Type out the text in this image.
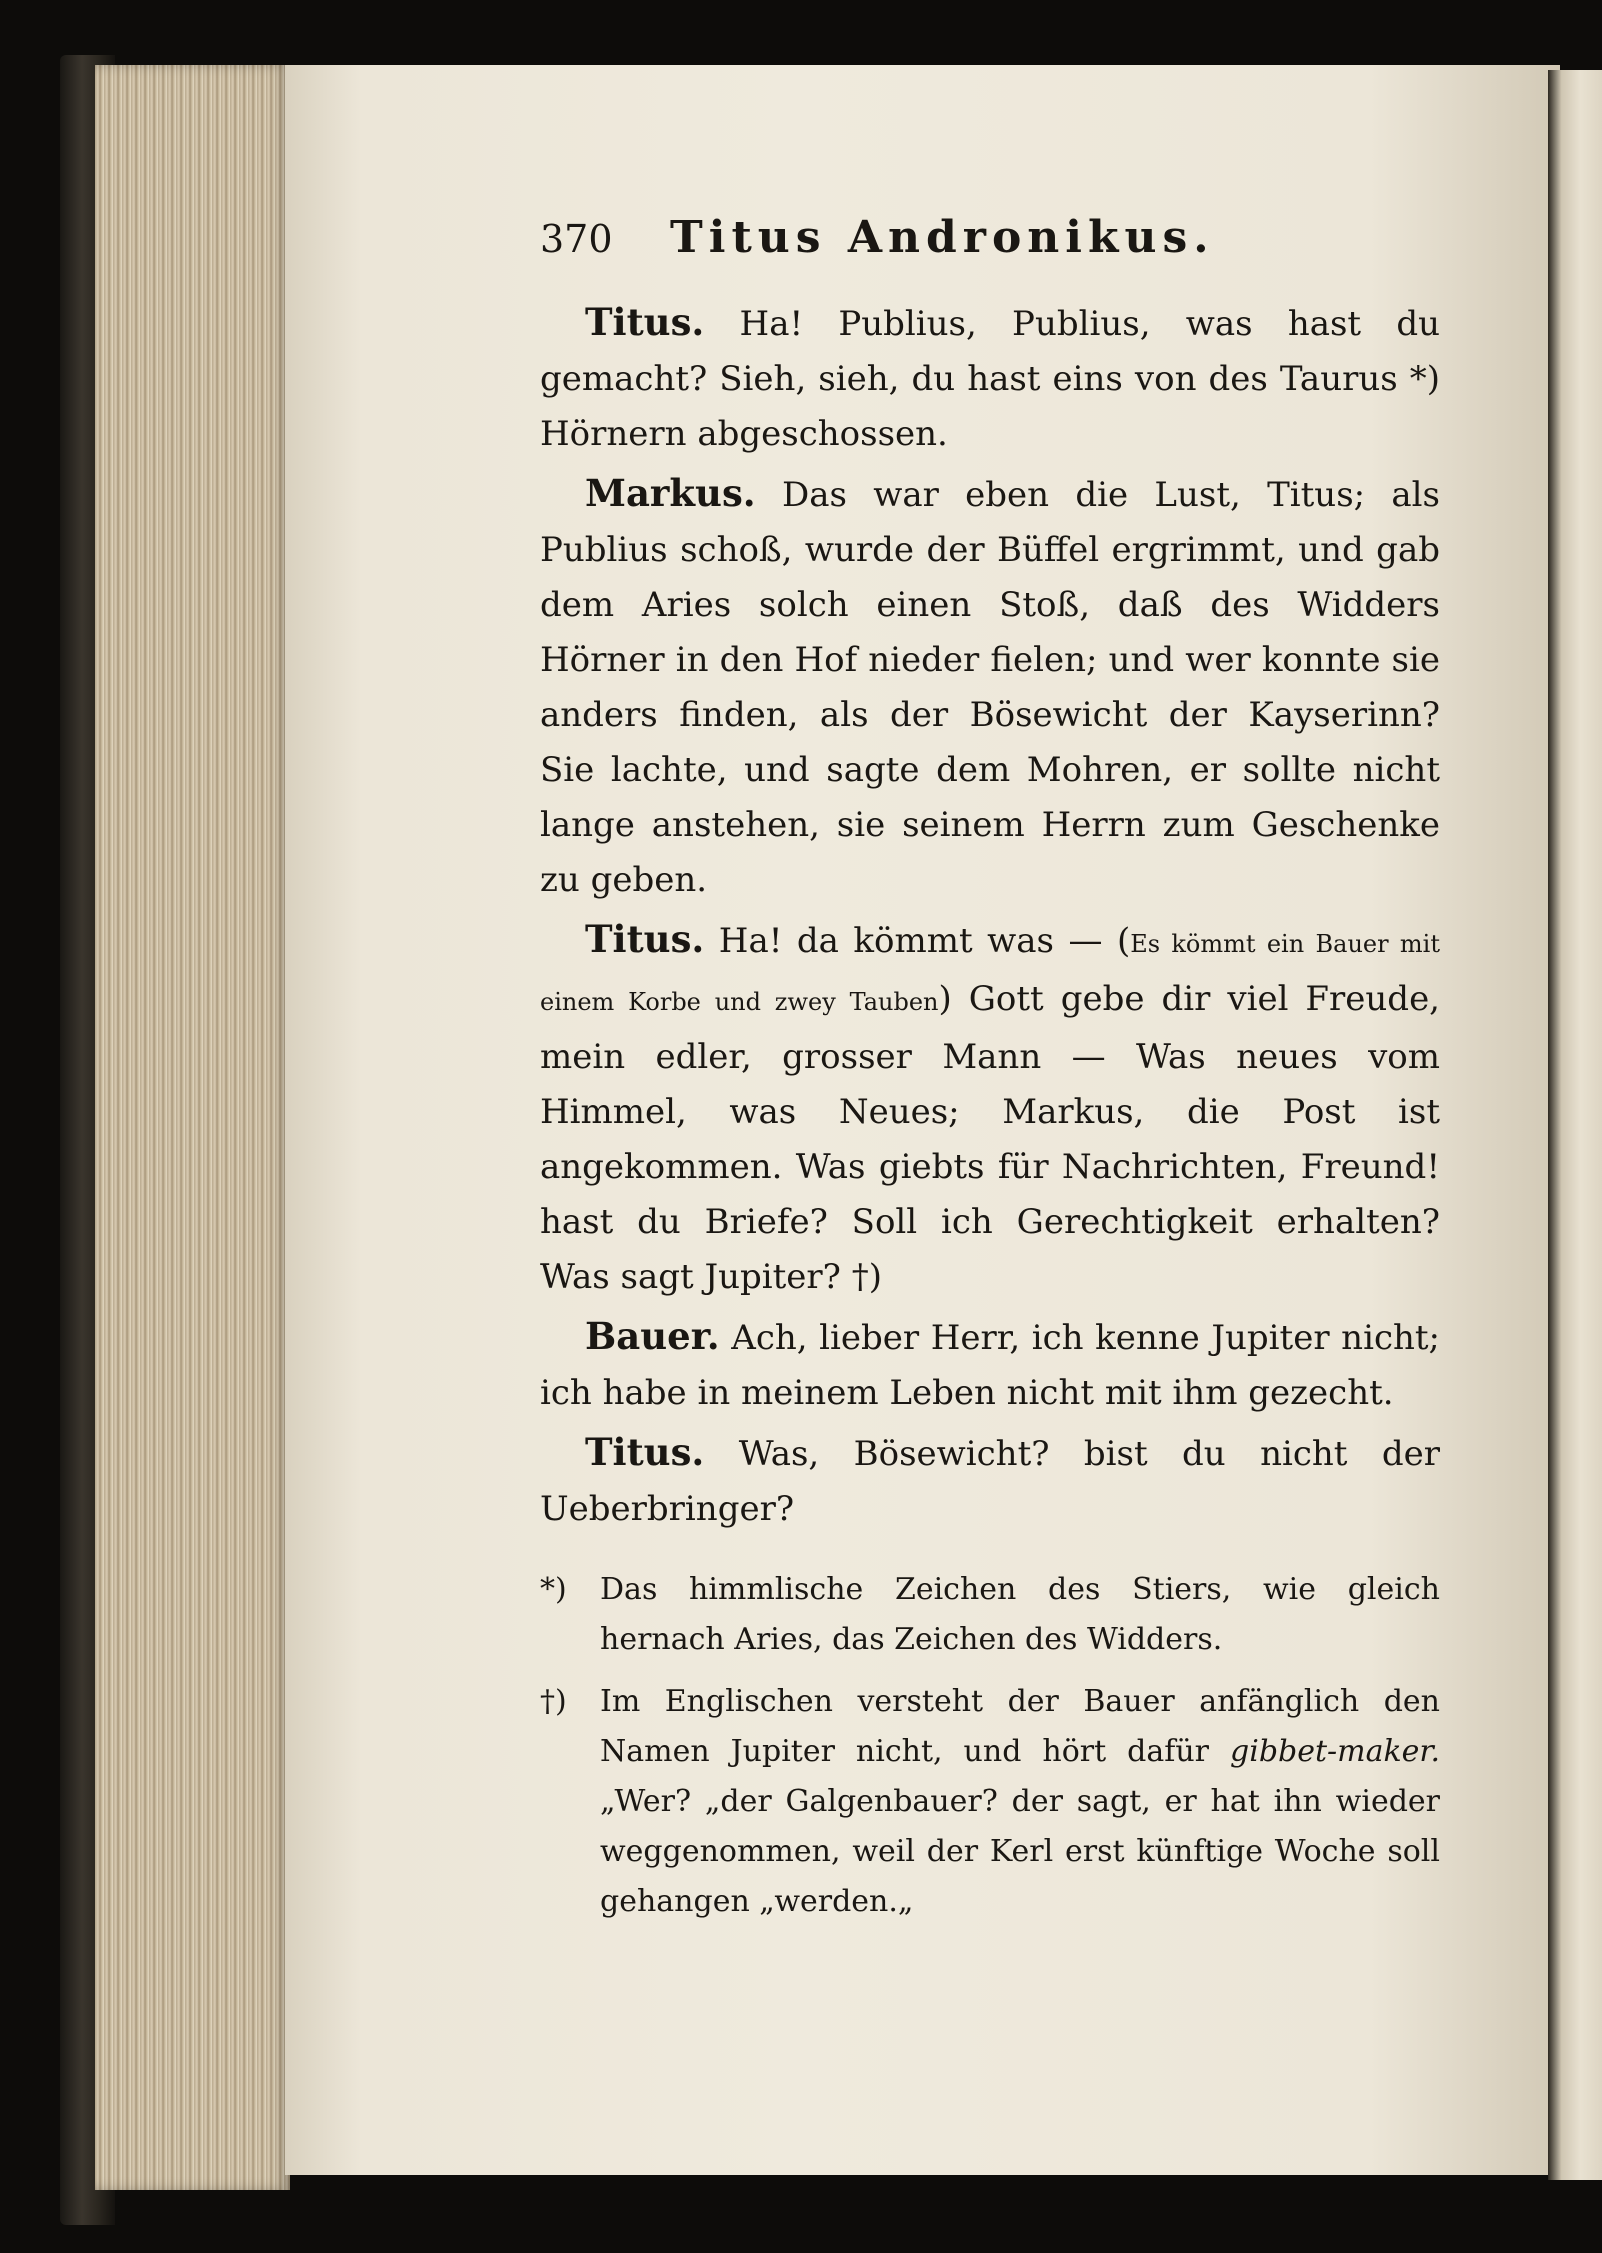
370	Titus Andronikus.

Titus. Ha! Publius, Publius, was hast du gemacht? Sieh, sieh, du hast eins von des Taurus *) Hörnern abgeschossen.

Markus. Das war eben die Lust, Titus; als Publius schoß, wurde der Büffel ergrimmt, und gab dem Aries solch einen Stoß, daß des Widders Hörner in den Hof nieder fielen; und wer konnte sie anders finden, als der Bösewicht der Kayserinn? Sie lachte, und sagte dem Mohren, er sollte nicht lange anstehen, sie seinem Herrn zum Geschenke zu geben.

Titus. Ha! da kömmt was — (Es kömmt ein Bauer mit einem Korbe und zwey Tauben) Gott gebe dir viel Freude, mein edler, grosser Mann — Was neues vom Himmel, was Neues; Markus, die Post ist angekommen. Was giebts für Nachrichten, Freund! hast du Briefe? Soll ich Gerechtigkeit erhalten? Was sagt Jupiter? †)

Bauer. Ach, lieber Herr, ich kenne Jupiter nicht; ich habe in meinem Leben nicht mit ihm gezecht.

Titus. Was, Bösewicht? bist du nicht der Ueberbringer?

*) Das himmlische Zeichen des Stiers, wie gleich hernach Aries, das Zeichen des Widders.

†) Im Englischen versteht der Bauer anfänglich den Namen Jupiter nicht, und hört dafür gibbet-maker. „Wer? „der Galgenbauer? der sagt, er hat ihn wieder weggenommen, weil der Kerl erst künftige Woche soll gehangen „werden.„
